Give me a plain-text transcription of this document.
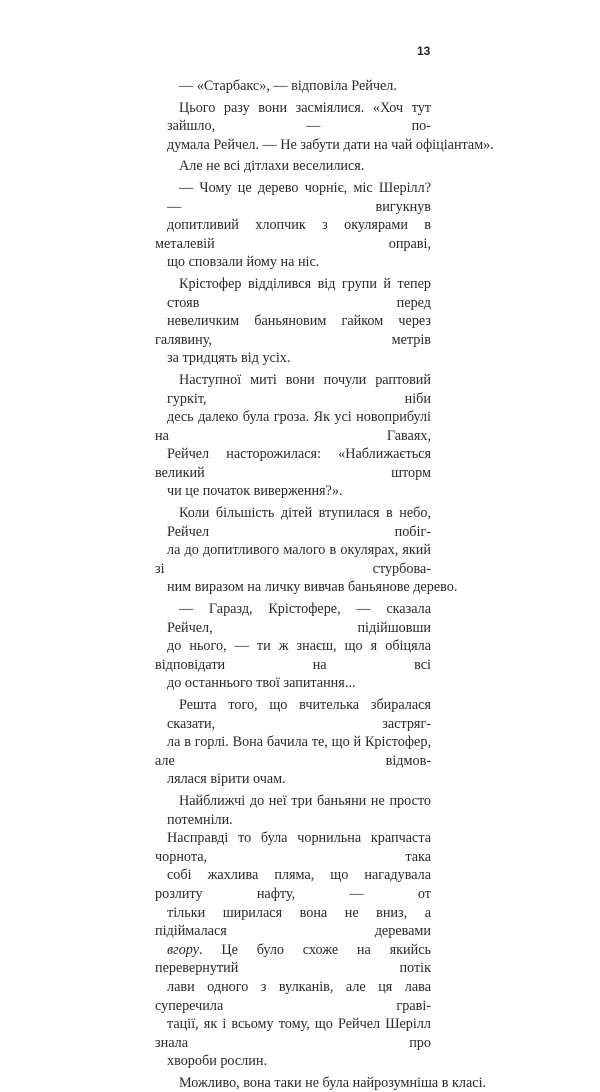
13
— «Старбакс», — відповіла Рейчел.
Цього разу вони засміялися. «Хоч тут зайшло, — по-
думала Рейчел. — Не забути дати на чай офіціантам».
Але не всі дітлахи веселилися.
— Чому це дерево чорніє, міс Шерілл? — вигукнув
допитливий хлопчик з окулярами в металевій оправі,
що сповзали йому на ніс.
Крістофер відділився від групи й тепер стояв перед
невеличким баньяновим гайком через галявину, метрів
за тридцять від усіх.
Наступної миті вони почули раптовий гуркіт, ніби
десь далеко була гроза. Як усі новоприбулі на Гаваях,
Рейчел насторожилася: «Наближається великий шторм
чи це початок виверження?».
Коли більшість дітей втупилася в небо, Рейчел побіг-
ла до допитливого малого в окулярах, який зі стурбова-
ним виразом на личку вивчав баньянове дерево.
— Гаразд, Крістофере, — сказала Рейчел, підійшовши
до нього, — ти ж знаєш, що я обіцяла відповідати на всі
до останнього твої запитання...
Решта того, що вчителька збиралася сказати, застряг-
ла в горлі. Вона бачила те, що й Крістофер, але відмов-
лялася вірити очам.
Найближчі до неї три баньяни не просто потемніли.
Насправді то була чорнильна крапчаста чорнота, така
собі жахлива пляма, що нагадувала розлиту нафту, — от
тільки ширилася вона не вниз, а підіймалася деревами
вгору. Це було схоже на якийсь перевернутий потік
лави одного з вулканів, але ця лава суперечила граві-
тації, як і всьому тому, що Рейчел Шерілл знала про
хвороби рослин.
Можливо, вона таки не була найрозумніша в класі.
